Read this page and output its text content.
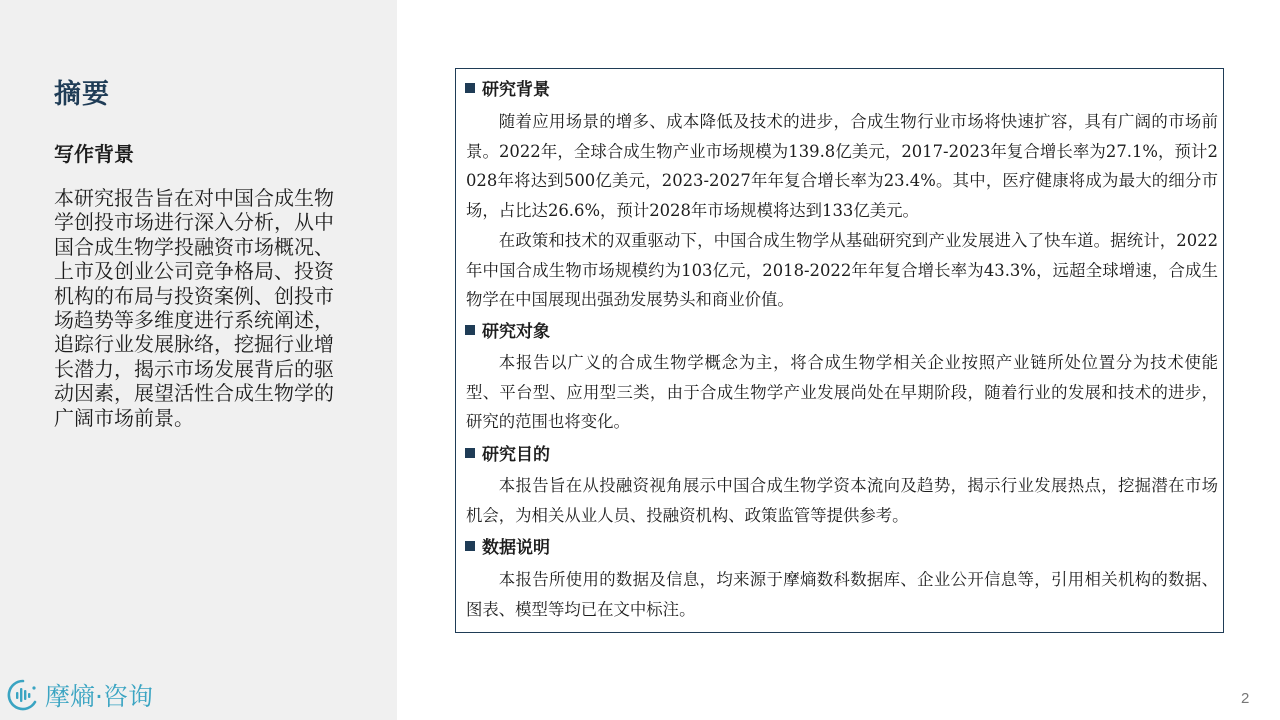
摘要
写作背景
本研究报告旨在对中国合成生物学创投市场进行深入分析，从中国合成生物学投融资市场概况、上市及创业公司竞争格局、投资机构的布局与投资案例、创投市场趋势等多维度进行系统阐述，追踪行业发展脉络，挖掘行业增长潜力，揭示市场发展背后的驱动因素，展望活性合成生物学的广阔市场前景。
摩熵·咨询
研究背景
随着应用场景的增多、成本降低及技术的进步，合成生物行业市场将快速扩容，具有广阔的市场前景。2022年，全球合成生物产业市场规模为139.8亿美元，2017-2023年复合增长率为27.1%，预计2028年将达到500亿美元，2023-2027年年复合增长率为23.4%。其中，医疗健康将成为最大的细分市场，占比达26.6%，预计2028年市场规模将达到133亿美元。
在政策和技术的双重驱动下，中国合成生物学从基础研究到产业发展进入了快车道。据统计，2022年中国合成生物市场规模约为103亿元，2018-2022年年复合增长率为43.3%，远超全球增速，合成生物学在中国展现出强劲发展势头和商业价值。
研究对象
本报告以广义的合成生物学概念为主，将合成生物学相关企业按照产业链所处位置分为技术使能型、平台型、应用型三类，由于合成生物学产业发展尚处在早期阶段，随着行业的发展和技术的进步，研究的范围也将变化。
研究目的
本报告旨在从投融资视角展示中国合成生物学资本流向及趋势，揭示行业发展热点，挖掘潜在市场机会，为相关从业人员、投融资机构、政策监管等提供参考。
数据说明
本报告所使用的数据及信息，均来源于摩熵数科数据库、企业公开信息等，引用相关机构的数据、图表、模型等均已在文中标注。
2
